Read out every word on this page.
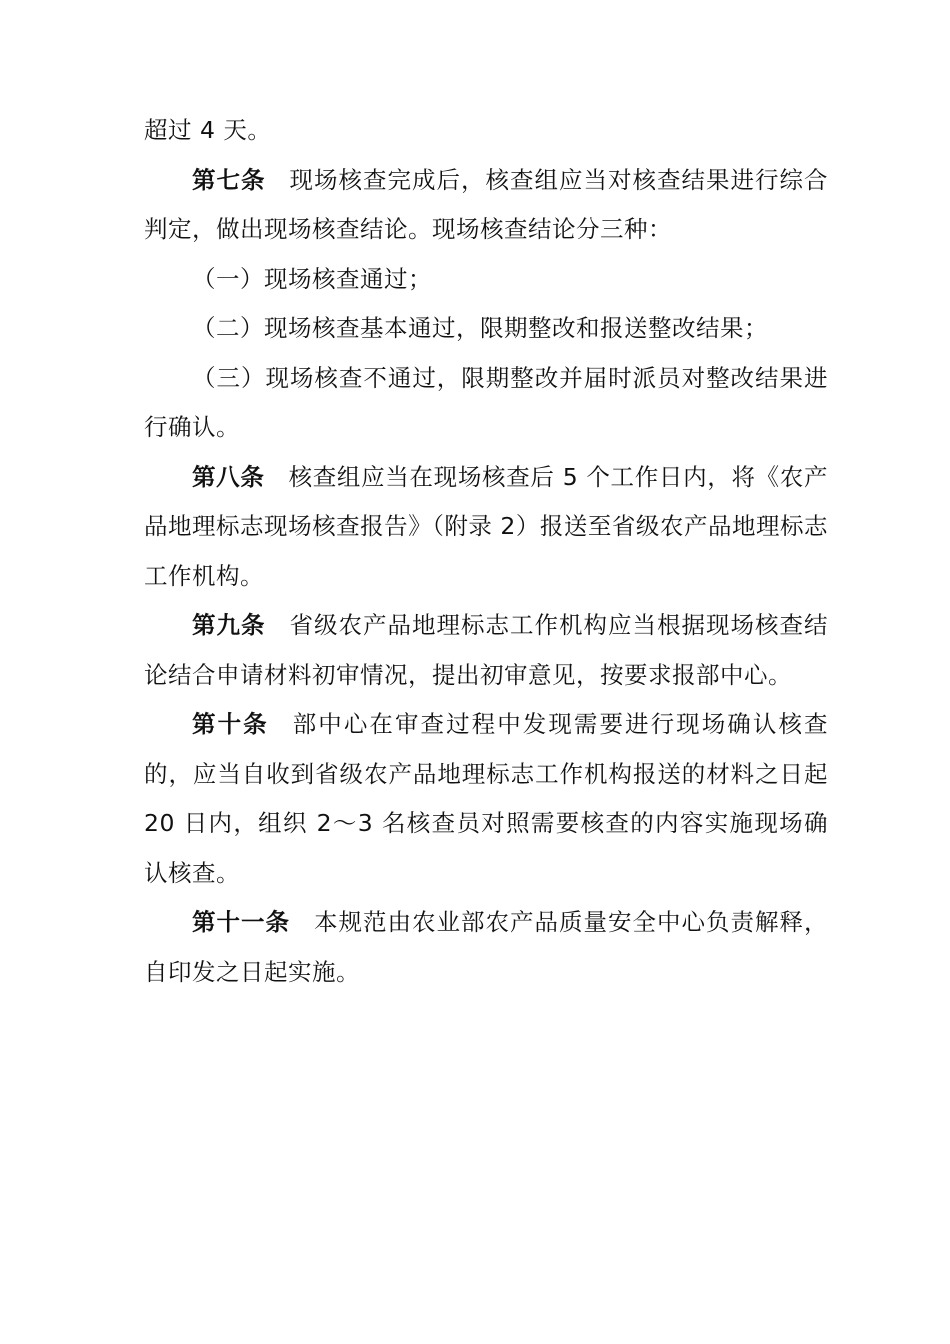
超过 4 天。

第七条 现场核查完成后，核查组应当对核查结果进行综合判定，做出现场核查结论。现场核查结论分三种：

（一）现场核查通过；

（二）现场核查基本通过，限期整改和报送整改结果；

（三）现场核查不通过，限期整改并届时派员对整改结果进行确认。

第八条 核查组应当在现场核查后 5 个工作日内，将《农产品地理标志现场核查报告》（附录 2）报送至省级农产品地理标志工作机构。

第九条 省级农产品地理标志工作机构应当根据现场核查结论结合申请材料初审情况，提出初审意见，按要求报部中心。

第十条 部中心在审查过程中发现需要进行现场确认核查的，应当自收到省级农产品地理标志工作机构报送的材料之日起 20 日内，组织 2～3 名核查员对照需要核查的内容实施现场确认核查。

第十一条 本规范由农业部农产品质量安全中心负责解释，自印发之日起实施。
